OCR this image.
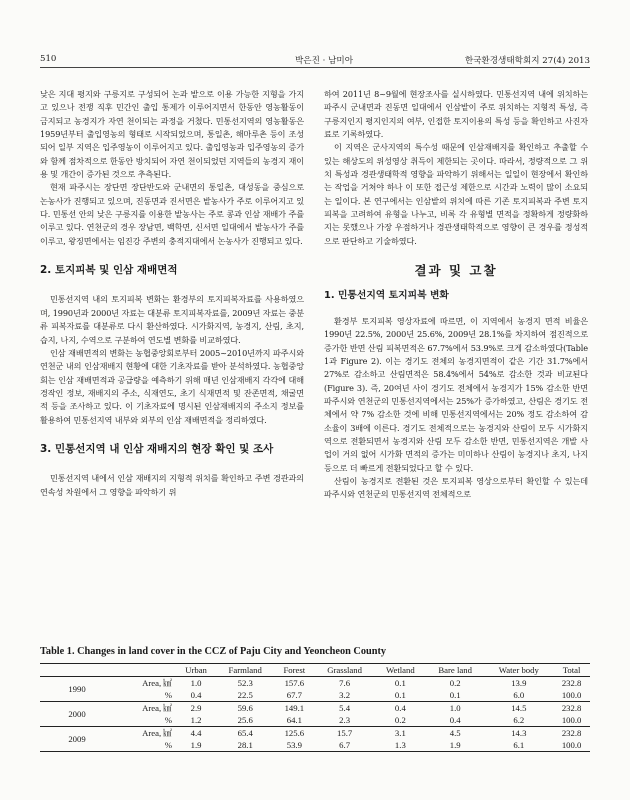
510	박은진 · 남미아	한국환경생태학회지 27(4) 2013

낮은 지대 평지와 구릉지로 구성되어 논과 밭으로 이용 가능한 지형을 가지고 있으나 전쟁 직후 민간인 출입 통제가 이루어지면서 한동안 영농활동이 금지되고 농경지가 자연 천이되는 과정을 거쳤다. 민통선지역의 영농활동은 1959년부터 출입영농의 형태로 시작되었으며, 통일촌, 해마루촌 등이 조성되어 일부 지역은 입주영농이 이루어지고 있다. 출입영농과 입주영농의 증가와 함께 점차적으로 한동안 방치되어 자연 천이되었던 지역들의 농경지 재이용 및 개간이 증가된 것으로 추측된다.

현재 파주시는 장단면 장단반도와 군내면의 통일촌, 대성동을 중심으로 논농사가 진행되고 있으며, 진동면과 진서면은 밭농사가 주로 이루어지고 있다. 민통선 안의 낮은 구릉지를 이용한 밭농사는 주로 콩과 인삼 재배가 주를 이루고 있다. 연천군의 경우 장남면, 백학면, 신서면 일대에서 밭농사가 주를 이루고, 왕징면에서는 임진강 주변의 충적지대에서 논농사가 진행되고 있다.

2. 토지피복 및 인삼 재배면적

민통선지역 내의 토지피복 변화는 환경부의 토지피복자료를 사용하였으며, 1990년과 2000년 자료는 대분류 토지피복자료를, 2009년 자료는 중분류 피복자료를 대분류로 다시 환산하였다. 시가화지역, 농경지, 산림, 초지, 습지, 나지, 수역으로 구분하여 연도별 변화를 비교하였다.

인삼 재배면적의 변화는 농협중앙회로부터 2005~2010년까지 파주시와 연천군 내의 인삼재배지 현황에 대한 기초자료를 받아 분석하였다. 농협중앙회는 인삼 재배면적과 공급량을 예측하기 위해 매년 인삼재배지 각각에 대해 경작인 정보, 재배지의 주소, 식재연도, 초기 식재면적 및 잔존면적, 채굴면적 등을 조사하고 있다. 이 기초자료에 명시된 인삼재배지의 주소지 정보를 활용하여 민통선지역 내부와 외부의 인삼 재배면적을 정리하였다.

3. 민통선지역 내 인삼 재배지의 현장 확인 및 조사

민통선지역 내에서 인삼 재배지의 지형적 위치를 확인하고 주변 경관과의 연속성 차원에서 그 영향을 파악하기 위

하여 2011년 8~9월에 현장조사를 실시하였다. 민통선지역 내에 위치하는 파주시 군내면과 진동면 일대에서 인삼밭이 주로 위치하는 지형적 특성, 즉 구릉지인지 평지인지의 여부, 인접한 토지이용의 특성 등을 확인하고 사진자료로 기록하였다.

이 지역은 군사지역의 특수성 때문에 인삼재배지를 확인하고 추출할 수 있는 해상도의 위성영상 취득이 제한되는 곳이다. 따라서, 정량적으로 그 위치 특성과 경관생태학적 영향을 파악하기 위해서는 일일이 현장에서 확인하는 작업을 거쳐야 하나 이 또한 접근성 제한으로 시간과 노력이 많이 소요되는 일이다. 본 연구에서는 인삼밭의 위치에 따른 기존 토지피복과 주변 토지피복을 고려하여 유형을 나누고, 비록 각 유형별 면적을 정확하게 정량화하지는 못했으나 가장 우점하거나 경관생태학적으로 영향이 큰 경우를 정성적으로 판단하고 기술하였다.

결과 및 고찰
1. 민통선지역 토지피복 변화

환경부 토지피복 영상자료에 따르면, 이 지역에서 농경지 면적 비율은 1990년 22.5%, 2000년 25.6%, 2009년 28.1%를 차지하여 점진적으로 증가한 반면 산림 피복면적은 67.7%에서 53.9%로 크게 감소하였다(Table 1과 Figure 2). 이는 경기도 전체의 농경지면적이 같은 기간 31.7%에서 27%로 감소하고 산림면적은 58.4%에서 54%로 감소한 것과 비교된다(Figure 3). 즉, 20여년 사이 경기도 전체에서 농경지가 15% 감소한 반면 파주시와 연천군의 민통선지역에서는 25%가 증가하였고, 산림은 경기도 전체에서 약 7% 감소한 것에 비해 민통선지역에서는 20% 정도 감소하여 감소율이 3배에 이른다. 경기도 전체적으로는 농경지와 산림이 모두 시가화지역으로 전환되면서 농경지와 산림 모두 감소한 반면, 민통선지역은 개발 사업이 거의 없어 시가화 면적의 증가는 미미하나 산림이 농경지나 초지, 나지 등으로 더 빠르게 전환되었다고 할 수 있다.

산림이 농경지로 전환된 것은 토지피복 영상으로부터 확인할 수 있는데 파주시와 연천군의 민통선지역 전체적으로

Table 1. Changes in land cover in the CCZ of Paju City and Yeoncheon County
		Urban	Farmland	Forest	Grassland	Wetland	Bare land	Water body	Total
1990	Area, ㎢	1.0	52.3	157.6	7.6	0.1	0.2	13.9	232.8
	%	0.4	22.5	67.7	3.2	0.1	0.1	6.0	100.0
2000	Area, ㎢	2.9	59.6	149.1	5.4	0.4	1.0	14.5	232.8
	%	1.2	25.6	64.1	2.3	0.2	0.4	6.2	100.0
2009	Area, ㎢	4.4	65.4	125.6	15.7	3.1	4.5	14.3	232.8
	%	1.9	28.1	53.9	6.7	1.3	1.9	6.1	100.0
